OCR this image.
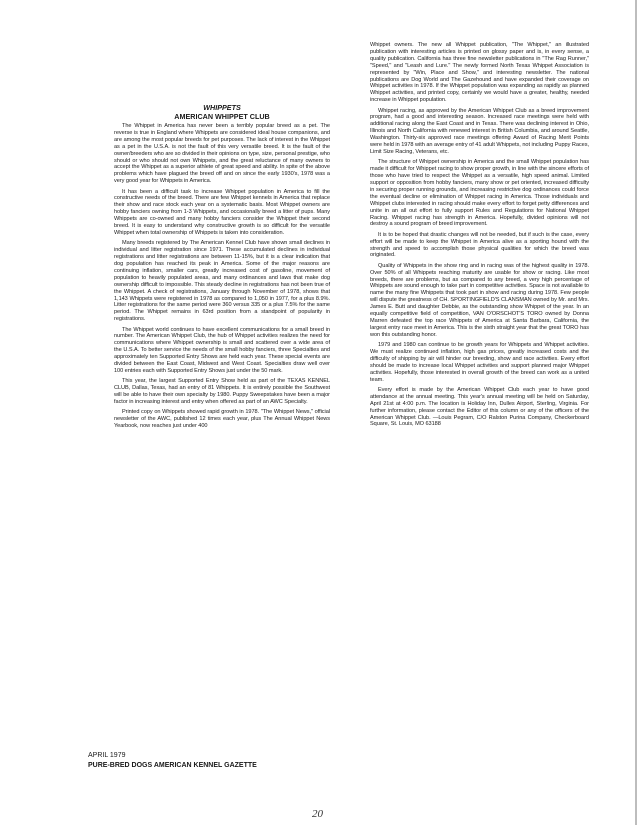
WHIPPETS
AMERICAN WHIPPET CLUB

The Whippet in America has never been a terribly popular breed as a pet. The reverse is true in England where Whippets are considered ideal house companions, and are among the most popular breeds for pet purposes. The lack of interest in the Whippet as a pet in the U.S.A. is not the fault of this very versatile breed. It is the fault of the owner/breeders who are so divided in their opinions on type, size, personal prestige, who should or who should not own Whippets, and the great reluctance of many owners to accept the Whippet as a superior athlete of great speed and ability. In spite of the above problems which have plagued the breed off and on since the early 1930's, 1978 was a very good year for Whippets in America.

It has been a difficult task to increase Whippet population in America to fill the constructive needs of the breed. There are few Whippet kennels in America that replace their show and race stock each year on a systematic basis. Most Whippet owners are hobby fanciers owning from 1-3 Whippets, and occasionally breed a litter of pups. Many Whippets are co-owned and many hobby fanciers consider the Whippet their second breed. It is easy to understand why constructive growth is so difficult for the versatile Whippet when total ownership of Whippets is taken into consideration.

Many breeds registered by The American Kennel Club have shown small declines in individual and litter registration since 1971. These accumulated declines in individual registrations and litter registrations are between 11-15%, but it is a clear indication that dog population has reached its peak in America. Some of the major reasons are continuing inflation, smaller cars, greatly increased cost of gasoline, movement of population to heavily populated areas, and many ordinances and laws that make dog ownership difficult to impossible. This steady decline in registrations has not been true of the Whippet. A check of registrations, January through November of 1978, shows that 1,143 Whippets were registered in 1978 as compared to 1,050 in 1977, for a plus 8.9%. Litter registrations for the same period were 360 versus 335 or a plus 7.5% for the same period. The Whippet remains in 63rd position from a standpoint of popularity in registrations.

The Whippet world continues to have excellent communications for a small breed in number. The American Whippet Club, the hub of Whippet activities realizes the need for communications where Whippet ownership is small and scattered over a wide area of the U.S.A. To better service the needs of the small hobby fanciers, three Specialties and approximately ten Supported Entry Shows are held each year. These special events are divided between the East Coast, Midwest and West Coast. Specialties draw well over 100 entries each with Supported Entry Shows just under the 50 mark.

This year, the largest Supported Entry Show held as part of the TEXAS KENNEL CLUB, Dallas, Texas, had an entry of 81 Whippets. It is entirely possible the Southwest will be able to have their own specialty by 1980. Puppy Sweepstakes have been a major factor in increasing interest and entry when offered as part of an AWC Specialty.

Printed copy on Whippets showed rapid growth in 1978. "The Whippet News," official newsletter of the AWC, published 12 times each year, plus The Annual Whippet News Yearbook, now reaches just under 400

Whippet owners. The new all Whippet publication, "The Whippet," an illustrated publication with interesting articles is printed on glossy paper and is, in every sense, a quality publication. California has three fine newsletter publications in "The Rag Runner," "Speed," and "Leash and Lure." The newly formed North Texas Whippet Association is represented by "Win, Place and Show," and interesting newsletter. The national publications are Dog World and The Gazehound and have expanded their coverage on Whippet activities in 1978. If the Whippet population was expanding as rapidly as planned Whippet activities, and printed copy, certainly we would have a greater, healthy, needed increase in Whippet population.

Whippet racing, as approved by the American Whippet Club as a breed improvement program, had a good and interesting season. Increased race meetings were held with additional racing along the East Coast and in Texas. There was declining interest in Ohio, Illinois and North California with renewed interest in British Columbia, and around Seattle, Washington. Thirty-six approved race meetings offering Award of Racing Merit Points were held in 1978 with an average entry of 41 adult Whippets, not including Puppy Races, Limit Size Racing, Veterans, etc.

The structure of Whippet ownership in America and the small Whippet population has made it difficult for Whippet racing to show proper growth, in line with the sincere efforts of those who have tried to respect the Whippet as a versatile, high speed animal. Limited support or opposition from hobby fanciers, many show or pet oriented, increased difficulty in securing proper running grounds, and increasing restrictive dog ordinances could force the eventual decline or elimination of Whippet racing in America. Those individuals and Whippet clubs interested in racing should make every effort to forget petty differences and unite in an all out effort to fully support Rules and Regulations for National Whippet Racing. Whippet racing has strength in America. Hopefully, divided opinions will not destroy a sound program of breed improvement.

It is to be hoped that drastic changes will not be needed, but if such is the case, every effort will be made to keep the Whippet in America alive as a sporting hound with the strength and speed to accomplish those physical qualities for which the breed was originated.

Quality of Whippets in the show ring and in racing was of the highest quality in 1978. Over 50% of all Whippets reaching maturity are usable for show or racing. Like most breeds, there are problems, but as compared to any breed, a very high percentage of Whippets are sound enough to take part in competitive activities. Space is not available to name the many fine Whippets that took part in show and racing during 1978. Few people will dispute the greatness of CH. SPORTINGFIELD'S CLANSMAN owned by Mr. and Mrs. James E. Butt and daughter Debbie, as the outstanding show Whippet of the year. In an equally competitive field of competition, VAN O'ORSCHOT'S TORO owned by Donna Marren defeated the top race Whippets of America at Santa Barbara, California, the largest entry race meet in America. This is the sixth straight year that the great TORO has won this outstanding honor.

1979 and 1980 can continue to be growth years for Whippets and Whippet activities. We must realize continued inflation, high gas prices, greatly increased costs and the difficulty of shipping by air will hinder our breeding, show and race activities. Every effort should be made to increase local Whippet activities and support planned major Whippet activities. Hopefully, those interested in overall growth of the breed can work as a united team.

Every effort is made by the American Whippet Club each year to have good attendance at the annual meeting. This year's annual meeting will be held on Saturday, April 21st at 4:00 p.m. The location is Holiday Inn, Dulles Airport, Sterling, Virginia. For further information, please contact the Editor of this column or any of the officers of the American Whippet Club. —Louis Pegram, C/O Ralston Purina Company, Checkerboard Square, St. Louis, MO 63188

APRIL 1979

PURE-BRED DOGS AMERICAN KENNEL GAZETTE

20
